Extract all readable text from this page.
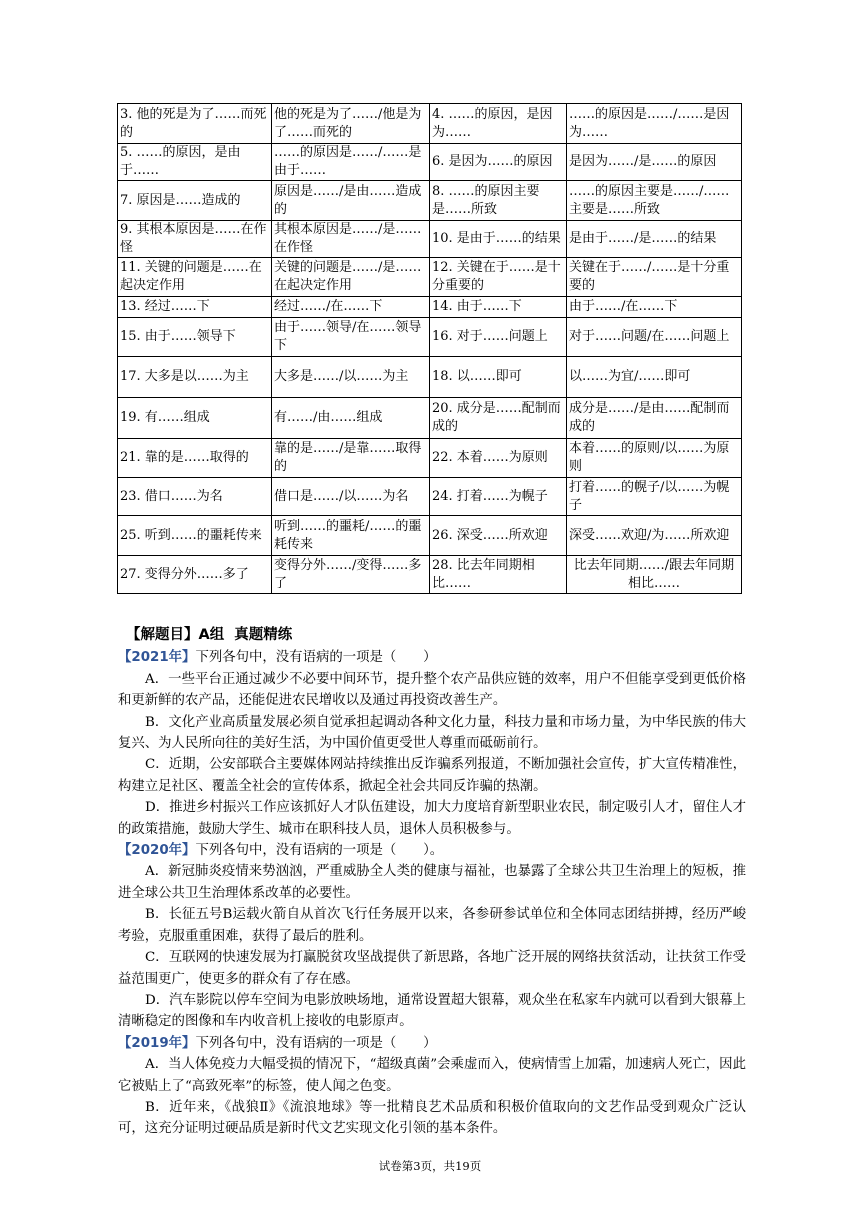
3. 他的死是为了……而死的	他的死是为了……/他是为了……而死的	4. ……的原因，是因为……	……的原因是……/……是因为……
5. ……的原因，是由于……	……的原因是……/……是由于……	6. 是因为……的原因	是因为……/是……的原因
7. 原因是……造成的	原因是……/是由……造成的	8. ……的原因主要是……所致	……的原因主要是……/……主要是……所致
9. 其根本原因是……在作怪	其根本原因是……/是……在作怪	10. 是由于……的结果	是由于……/是……的结果
11. 关键的问题是……在起决定作用	关键的问题是……/是……在起决定作用	12. 关键在于……是十分重要的	关键在于……/……是十分重要的
13. 经过……下	经过……/在……下	14. 由于……下	由于……/在……下
15. 由于……领导下	由于……领导/在……领导下	16. 对于……问题上	对于……问题/在……问题上
17. 大多是以……为主	大多是……/以……为主	18. 以……即可	以……为宜/……即可
19. 有……组成	有……/由……组成	20. 成分是……配制而成的	成分是……/是由……配制而成的
21. 靠的是……取得的	靠的是……/是靠……取得的	22. 本着……为原则	本着……的原则/以……为原则
23. 借口……为名	借口是……/以……为名	24. 打着……为幌子	打着……的幌子/以……为幌子
25. 听到……的噩耗传来	听到……的噩耗/……的噩耗传来	26. 深受……所欢迎	深受……欢迎/为……所欢迎
27. 变得分外……多了	变得分外……/变得……多了	28. 比去年同期相比……	比去年同期……/跟去年同期相比……

【解题目】A组 真题精练

【2021年】下列各句中，没有语病的一项是（　　）

A．一些平台正通过减少不必要中间环节，提升整个农产品供应链的效率，用户不但能享受到更低价格和更新鲜的农产品，还能促进农民增收以及通过再投资改善生产。

B．文化产业高质量发展必须自觉承担起调动各种文化力量，科技力量和市场力量，为中华民族的伟大复兴、为人民所向往的美好生活，为中国价值更受世人尊重而砥砺前行。

C．近期，公安部联合主要媒体网站持续推出反诈骗系列报道，不断加强社会宣传，扩大宣传精准性，构建立足社区、覆盖全社会的宣传体系，掀起全社会共同反诈骗的热潮。

D．推进乡村振兴工作应该抓好人才队伍建设，加大力度培育新型职业农民，制定吸引人才，留住人才的政策措施，鼓励大学生、城市在职科技人员，退休人员积极参与。

【2020年】下列各句中，没有语病的一项是（　　）。

A．新冠肺炎疫情来势汹汹，严重威胁全人类的健康与福祉，也暴露了全球公共卫生治理上的短板，推进全球公共卫生治理体系改革的必要性。

B．长征五号B运载火箭自从首次飞行任务展开以来，各参研参试单位和全体同志团结拼搏，经历严峻考验，克服重重困难，获得了最后的胜利。

C．互联网的快速发展为打赢脱贫攻坚战提供了新思路，各地广泛开展的网络扶贫活动，让扶贫工作受益范围更广，使更多的群众有了存在感。

D．汽车影院以停车空间为电影放映场地，通常设置超大银幕，观众坐在私家车内就可以看到大银幕上清晰稳定的图像和车内收音机上接收的电影原声。

【2019年】下列各句中，没有语病的一项是（　　）

A．当人体免疫力大幅受损的情况下，“超级真菌”会乘虚而入，使病情雪上加霜，加速病人死亡，因此它被贴上了“高致死率”的标签，使人闻之色变。

B．近年来，《战狼Ⅱ》《流浪地球》等一批精良艺术品质和积极价值取向的文艺作品受到观众广泛认可，这充分证明过硬品质是新时代文艺实现文化引领的基本条件。

试卷第3页，共19页
